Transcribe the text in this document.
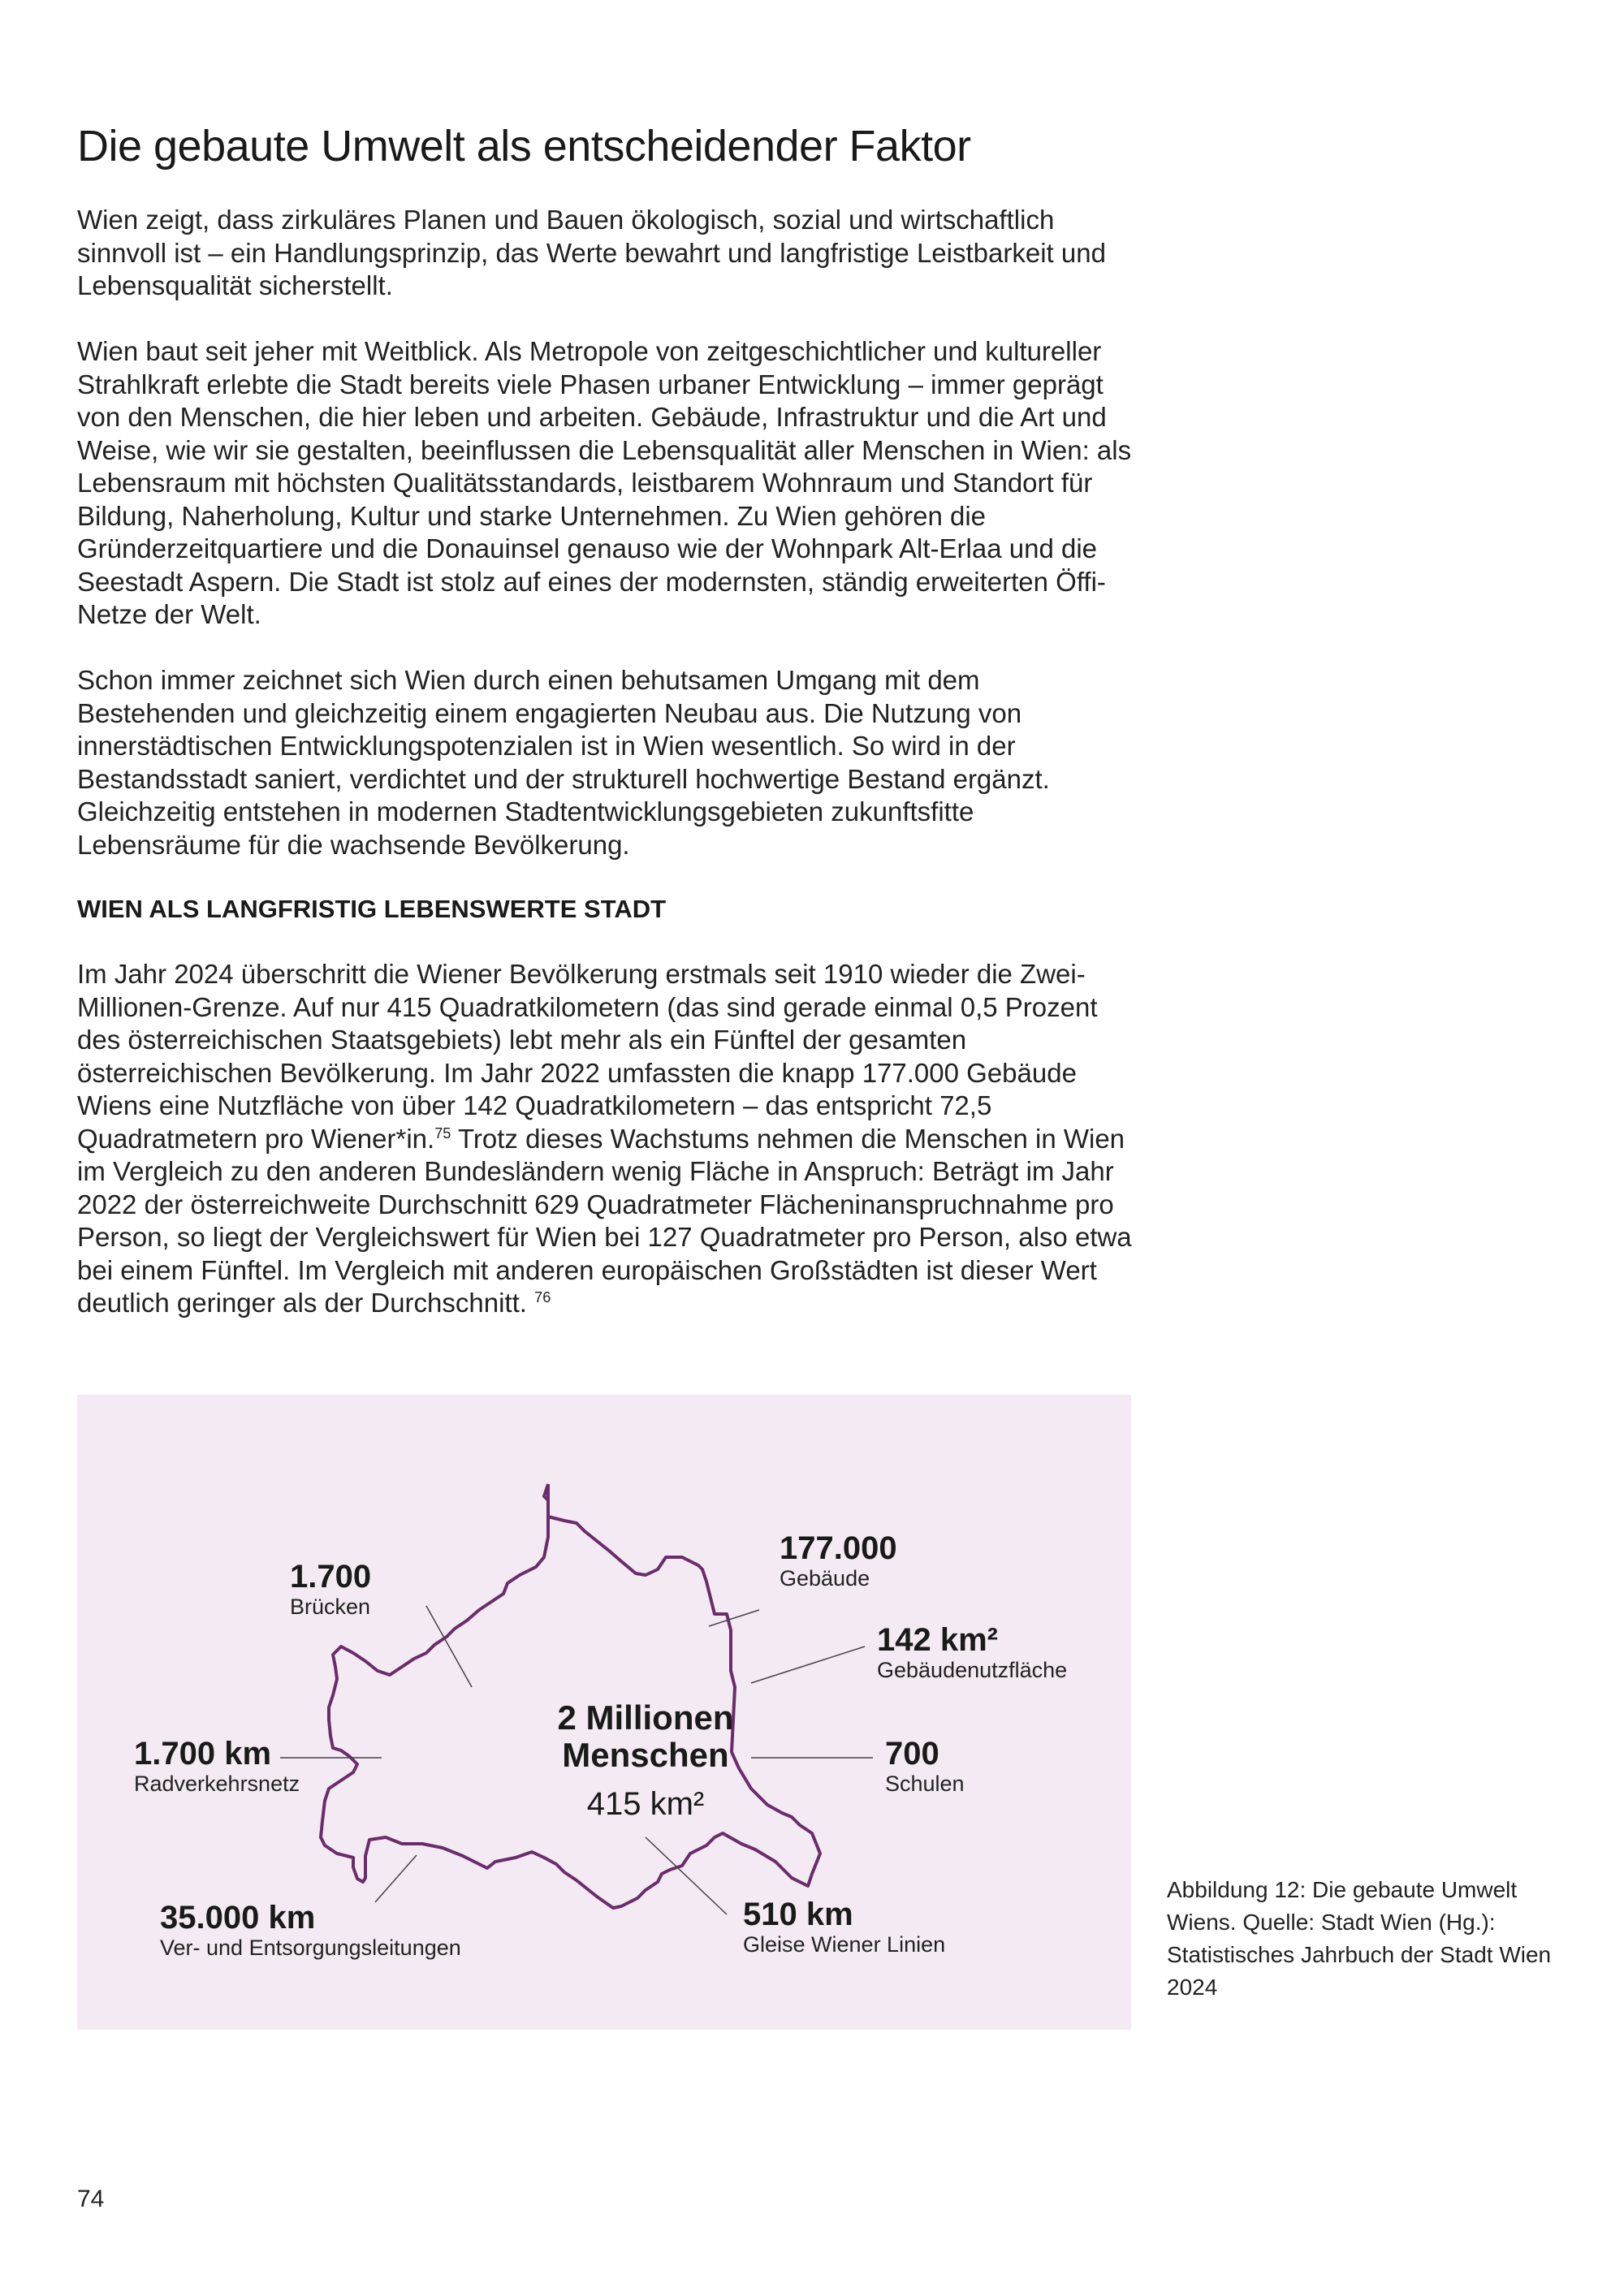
Die gebaute Umwelt als entscheidender Faktor

Wien zeigt, dass zirkuläres Planen und Bauen ökologisch, sozial und wirtschaftlich sinnvoll ist – ein Handlungsprinzip, das Werte bewahrt und langfristige Leistbarkeit und Lebensqualität sicherstellt.

Wien baut seit jeher mit Weitblick. Als Metropole von zeitgeschichtlicher und kultureller Strahlkraft erlebte die Stadt bereits viele Phasen urbaner Entwicklung – immer geprägt von den Menschen, die hier leben und arbeiten. Gebäude, Infrastruktur und die Art und Weise, wie wir sie gestalten, beeinflussen die Lebensqualität aller Menschen in Wien: als Lebensraum mit höchsten Qualitätsstandards, leistbarem Wohnraum und Standort für Bildung, Naherholung, Kultur und starke Unternehmen. Zu Wien gehören die Gründerzeitquartiere und die Donauinsel genauso wie der Wohnpark Alt-Erlaa und die Seestadt Aspern. Die Stadt ist stolz auf eines der modernsten, ständig erweiterten Öffi-Netze der Welt.

Schon immer zeichnet sich Wien durch einen behutsamen Umgang mit dem Bestehenden und gleichzeitig einem engagierten Neubau aus. Die Nutzung von innerstädtischen Entwicklungspotenzialen ist in Wien wesentlich. So wird in der Bestandsstadt saniert, verdichtet und der strukturell hochwertige Bestand ergänzt. Gleichzeitig entstehen in modernen Stadtentwicklungsgebieten zukunftsfitte Lebensräume für die wachsende Bevölkerung.

WIEN ALS LANGFRISTIG LEBENSWERTE STADT

Im Jahr 2024 überschritt die Wiener Bevölkerung erstmals seit 1910 wieder die Zwei-Millionen-Grenze. Auf nur 415 Quadratkilometern (das sind gerade einmal 0,5 Prozent des österreichischen Staatsgebiets) lebt mehr als ein Fünftel der gesamten österreichischen Bevölkerung. Im Jahr 2022 umfassten die knapp 177.000 Gebäude Wiens eine Nutzfläche von über 142 Quadratkilometern – das entspricht 72,5 Quadratmetern pro Wiener*in.$^{75}$ Trotz dieses Wachstums nehmen die Menschen in Wien im Vergleich zu den anderen Bundesländern wenig Fläche in Anspruch: Beträgt im Jahr 2022 der österreichweite Durchschnitt 629 Quadratmeter Flächeninanspruchnahme pro Person, so liegt der Vergleichswert für Wien bei 127 Quadratmeter pro Person, also etwa bei einem Fünftel. Im Vergleich mit anderen europäischen Großstädten ist dieser Wert deutlich geringer als der Durchschnitt. $^{76}$

2 Millionen
Menschen
415 km²
1.700
Brücken
177.000
Gebäude
142 km²
Gebäudenutzfläche
1.700 km
Radverkehrsnetz
700
Schulen
35.000 km
Ver- und Entsorgungsleitungen
510 km
Gleise Wiener Linien

Abbildung 12: Die gebaute Umwelt Wiens. Quelle: Stadt Wien (Hg.): Statistisches Jahrbuch der Stadt Wien 2024

74
